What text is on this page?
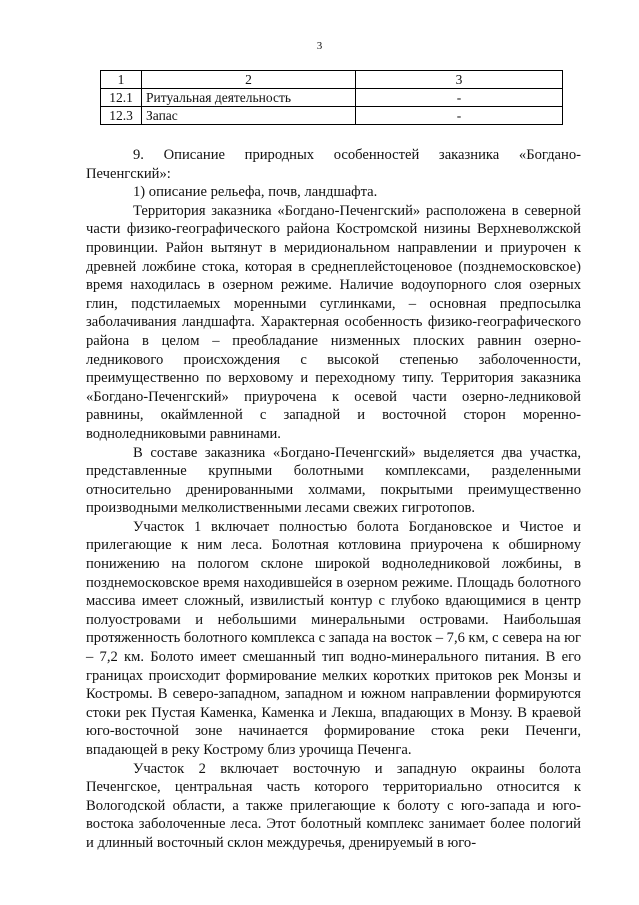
3
1	2	3
12.1	Ритуальная деятельность	-
12.3	Запас	-

9. Описание природных особенностей заказника «Богдано-Печенгский»:

1) описание рельефа, почв, ландшафта.

Территория заказника «Богдано-Печенгский» расположена в северной части физико-географического района Костромской низины Верхневолжской провинции. Район вытянут в меридиональном направлении и приурочен к древней ложбине стока, которая в среднеплейстоценовое (позднемосковское) время находилась в озерном режиме. Наличие водоупорного слоя озерных глин, подстилаемых моренными суглинками, – основная предпосылка заболачивания ландшафта. Характерная особенность физико-географического района в целом – преобладание низменных плоских равнин озерно-ледникового происхождения с высокой степенью заболоченности, преимущественно по верховому и переходному типу. Территория заказника «Богдано-Печенгский» приурочена к осевой части озерно-ледниковой равнины, окаймленной с западной и восточной сторон моренно-водноледниковыми равнинами.

В составе заказника «Богдано-Печенгский» выделяется два участка, представленные крупными болотными комплексами, разделенными относительно дренированными холмами, покрытыми преимущественно производными мелколиственными лесами свежих гигротопов.

Участок 1 включает полностью болота Богдановское и Чистое и прилегающие к ним леса. Болотная котловина приурочена к обширному понижению на пологом склоне широкой водноледниковой ложбины, в позднемосковское время находившейся в озерном режиме. Площадь болотного массива имеет сложный, извилистый контур с глубоко вдающимися в центр полуостровами и небольшими минеральными островами. Наибольшая протяженность болотного комплекса с запада на восток – 7,6 км, с севера на юг – 7,2 км. Болото имеет смешанный тип водно-минерального питания. В его границах происходит формирование мелких коротких притоков рек Монзы и Костромы. В северо-западном, западном и южном направлении формируются стоки рек Пустая Каменка, Каменка и Лекша, впадающих в Монзу. В краевой юго-восточной зоне начинается формирование стока реки Печенги, впадающей в реку Кострому близ урочища Печенга.

Участок 2 включает восточную и западную окраины болота Печенгское, центральная часть которого территориально относится к Вологодской области, а также прилегающие к болоту с юго-запада и юго-востока заболоченные леса. Этот болотный комплекс занимает более пологий и длинный восточный склон междуречья, дренируемый в юго-
